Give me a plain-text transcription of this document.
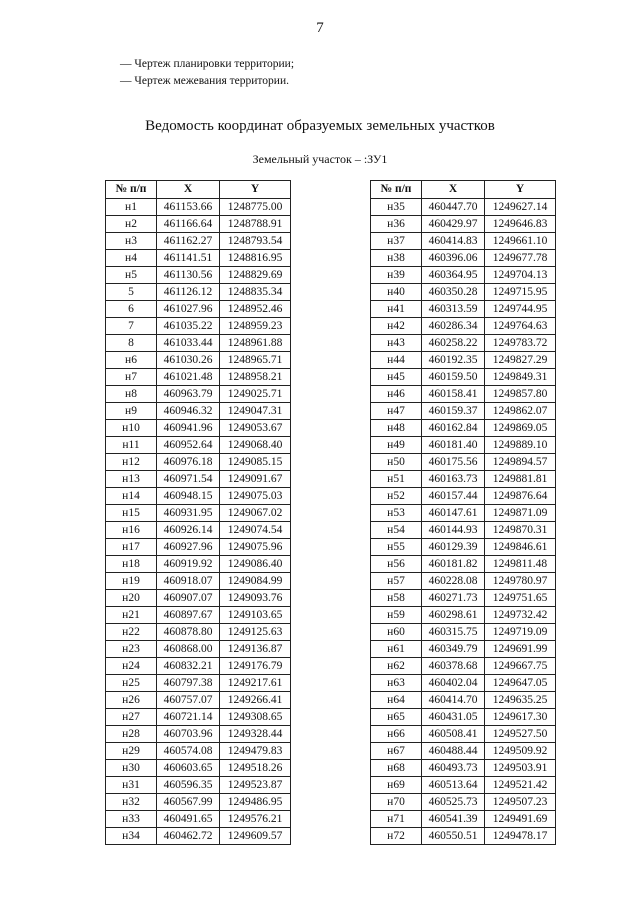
7
— Чертеж планировки территории;
— Чертеж межевания территории.
Ведомость координат образуемых земельных участков
Земельный участок – :ЗУ1
№ п/п	X	Y
н1	461153.66	1248775.00
н2	461166.64	1248788.91
н3	461162.27	1248793.54
н4	461141.51	1248816.95
н5	461130.56	1248829.69
5	461126.12	1248835.34
6	461027.96	1248952.46
7	461035.22	1248959.23
8	461033.44	1248961.88
н6	461030.26	1248965.71
н7	461021.48	1248958.21
н8	460963.79	1249025.71
н9	460946.32	1249047.31
н10	460941.96	1249053.67
н11	460952.64	1249068.40
н12	460976.18	1249085.15
н13	460971.54	1249091.67
н14	460948.15	1249075.03
н15	460931.95	1249067.02
н16	460926.14	1249074.54
н17	460927.96	1249075.96
н18	460919.92	1249086.40
н19	460918.07	1249084.99
н20	460907.07	1249093.76
н21	460897.67	1249103.65
н22	460878.80	1249125.63
н23	460868.00	1249136.87
н24	460832.21	1249176.79
н25	460797.38	1249217.61
н26	460757.07	1249266.41
н27	460721.14	1249308.65
н28	460703.96	1249328.44
н29	460574.08	1249479.83
н30	460603.65	1249518.26
н31	460596.35	1249523.87
н32	460567.99	1249486.95
н33	460491.65	1249576.21
н34	460462.72	1249609.57
№ п/п	X	Y
н35	460447.70	1249627.14
н36	460429.97	1249646.83
н37	460414.83	1249661.10
н38	460396.06	1249677.78
н39	460364.95	1249704.13
н40	460350.28	1249715.95
н41	460313.59	1249744.95
н42	460286.34	1249764.63
н43	460258.22	1249783.72
н44	460192.35	1249827.29
н45	460159.50	1249849.31
н46	460158.41	1249857.80
н47	460159.37	1249862.07
н48	460162.84	1249869.05
н49	460181.40	1249889.10
н50	460175.56	1249894.57
н51	460163.73	1249881.81
н52	460157.44	1249876.64
н53	460147.61	1249871.09
н54	460144.93	1249870.31
н55	460129.39	1249846.61
н56	460181.82	1249811.48
н57	460228.08	1249780.97
н58	460271.73	1249751.65
н59	460298.61	1249732.42
н60	460315.75	1249719.09
н61	460349.79	1249691.99
н62	460378.68	1249667.75
н63	460402.04	1249647.05
н64	460414.70	1249635.25
н65	460431.05	1249617.30
н66	460508.41	1249527.50
н67	460488.44	1249509.92
н68	460493.73	1249503.91
н69	460513.64	1249521.42
н70	460525.73	1249507.23
н71	460541.39	1249491.69
н72	460550.51	1249478.17
